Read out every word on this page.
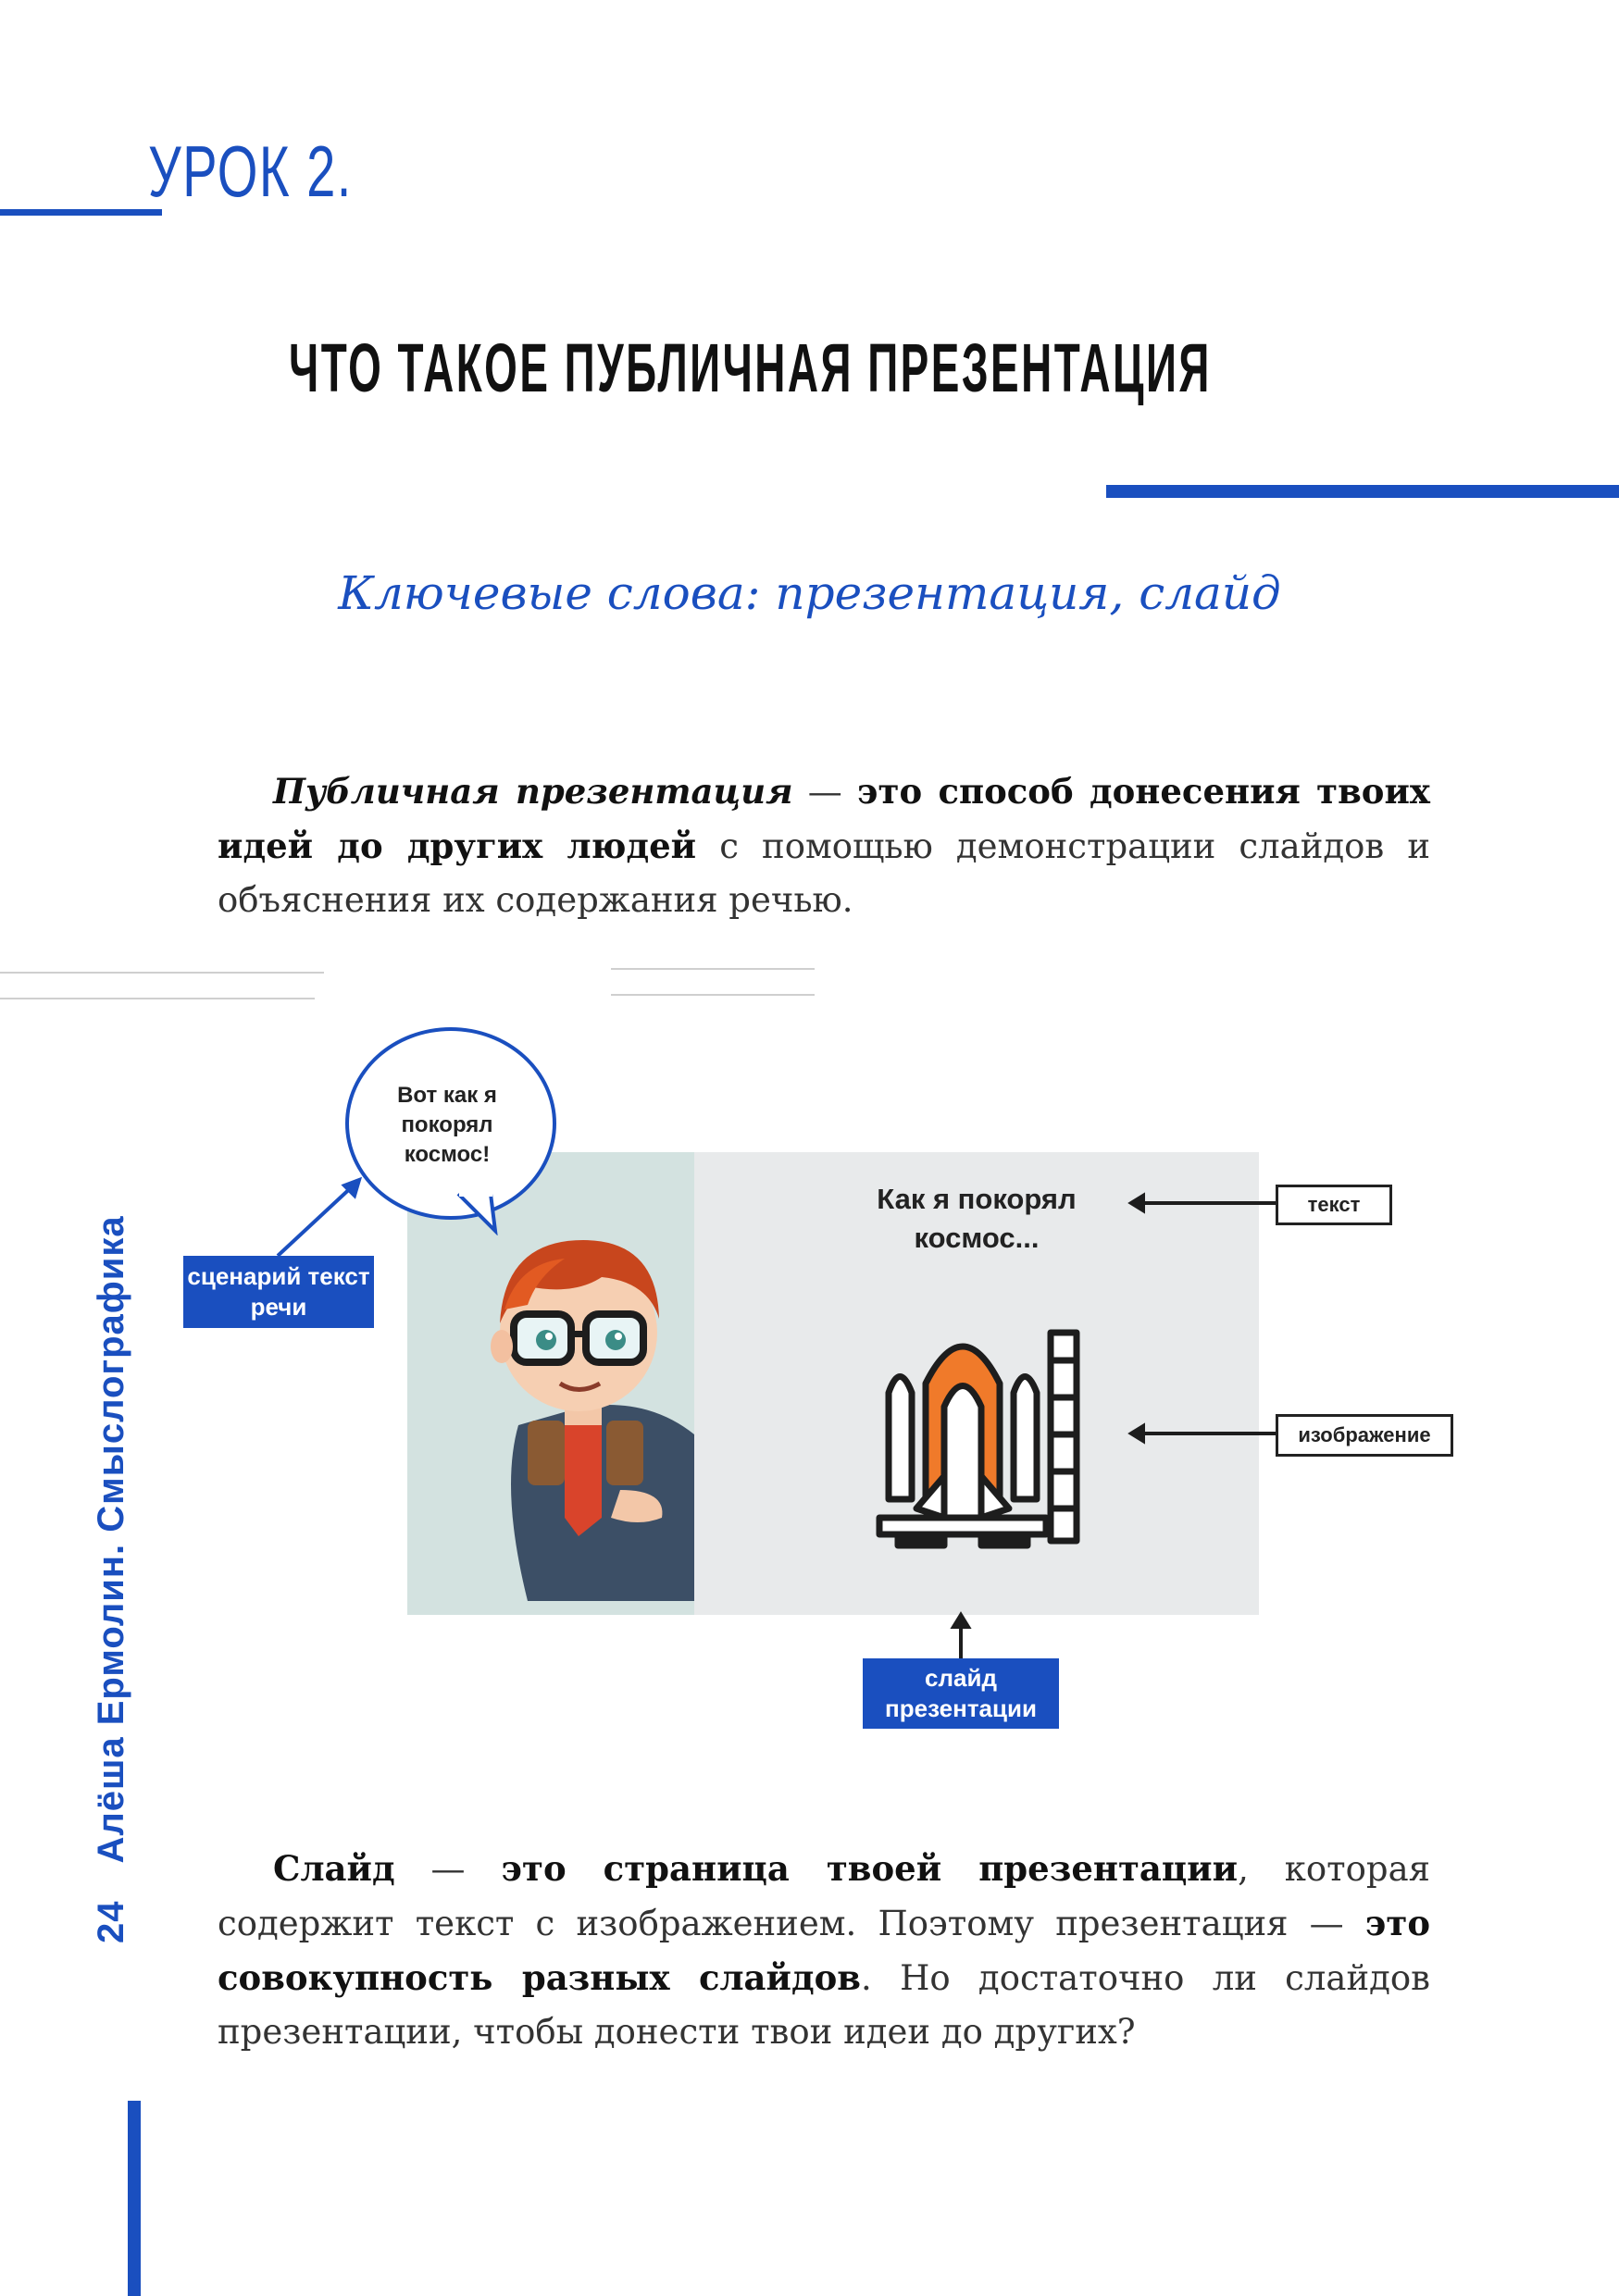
УРОК 2.
ЧТО ТАКОЕ ПУБЛИЧНАЯ ПРЕЗЕНТАЦИЯ
Ключевые слова: презентация, слайд
Публичная презентация — это способ донесения твоих идей до других людей с помощью демонстрации слайдов и объяснения их содержания речью.
Вот как я покорял космос!
Как я покорял космос...
сценарий текст речи
текст
изображение
слайд презентации
Слайд — это страница твоей презентации, которая содержит текст с изображением. Поэтому презентация — это совокупность разных слайдов. Но достаточно ли слайдов презентации, чтобы донести твои идеи до других?
24Алёша Ермолин. Смыслографика
